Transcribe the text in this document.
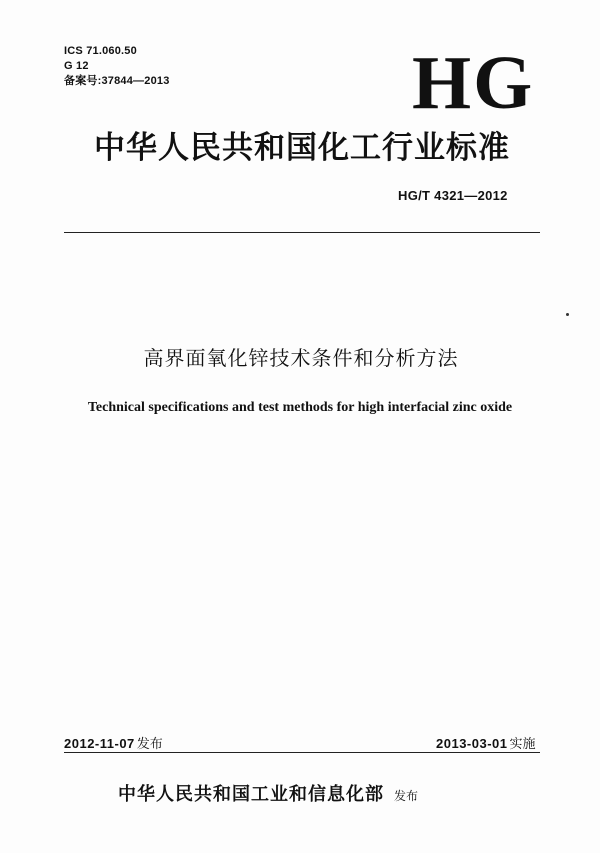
ICS 71.060.50
G 12
备案号:37844—2013	HG
中华人民共和国化工行业标准
HG/T 4321—2012
高界面氧化锌技术条件和分析方法
Technical specifications and test methods for high interfacial zinc oxide
2012-11-07 发布	2013-03-01 实施
中华人民共和国工业和信息化部 发布
